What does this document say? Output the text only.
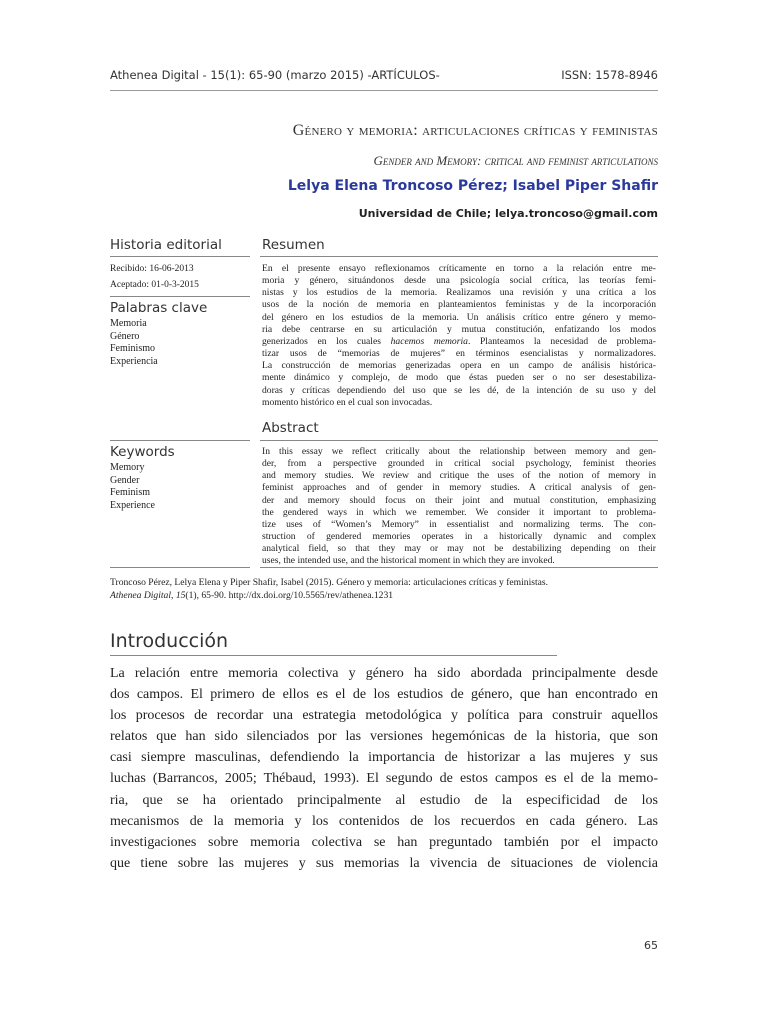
Athenea Digital - 15(1): 65-90 (marzo 2015) -ARTÍCULOS-	ISSN: 1578-8946
Género y memoria: articulaciones críticas y feministas
Gender and Memory: critical and feminist articulations
Lelya Elena Troncoso Pérez; Isabel Piper Shafir
Universidad de Chile; lelya.troncoso@gmail.com
Historia editorial
Recibido: 16-06-2013
Aceptado: 01-0-3-2015
Palabras clave
Memoria
Género
Feminismo
Experiencia
Keywords
Memory
Gender
Feminism
Experience
Resumen
En el presente ensayo reflexionamos críticamente en torno a la relación entre me-
moria y género, situándonos desde una psicología social crítica, las teorías femi-
nistas y los estudios de la memoria. Realizamos una revisión y una crítica a los
usos de la noción de memoria en planteamientos feministas y de la incorporación
del género en los estudios de la memoria. Un análisis crítico entre género y memo-
ria debe centrarse en su articulación y mutua constitución, enfatizando los modos
generizados en los cuales hacemos memoria. Planteamos la necesidad de problema-
tizar usos de “memorias de mujeres” en términos esencialistas y normalizadores.
La construcción de memorias generizadas opera en un campo de análisis histórica-
mente dinámico y complejo, de modo que éstas pueden ser o no ser desestabiliza-
doras y críticas dependiendo del uso que se les dé, de la intención de su uso y del
momento histórico en el cual son invocadas.
Abstract
In this essay we reflect critically about the relationship between memory and gen-
der, from a perspective grounded in critical social psychology, feminist theories
and memory studies. We review and critique the uses of the notion of memory in
feminist approaches and of gender in memory studies. A critical analysis of gen-
der and memory should focus on their joint and mutual constitution, emphasizing
the gendered ways in which we remember. We consider it important to problema-
tize uses of “Women’s Memory” in essentialist and normalizing terms. The con-
struction of gendered memories operates in a historically dynamic and complex
analytical field, so that they may or may not be destabilizing depending on their
uses, the intended use, and the historical moment in which they are invoked.
Troncoso Pérez, Lelya Elena y Piper Shafir, Isabel (2015). Género y memoria: articulaciones críticas y feministas.
Athenea Digital, 15(1), 65-90. http://dx.doi.org/10.5565/rev/athenea.1231
Introducción
La relación entre memoria colectiva y género ha sido abordada principalmente desde
dos campos. El primero de ellos es el de los estudios de género, que han encontrado en
los procesos de recordar una estrategia metodológica y política para construir aquellos
relatos que han sido silenciados por las versiones hegemónicas de la historia, que son
casi siempre masculinas, defendiendo la importancia de historizar a las mujeres y sus
luchas (Barrancos, 2005; Thébaud, 1993). El segundo de estos campos es el de la memo-
ria, que se ha orientado principalmente al estudio de la especificidad de los
mecanismos de la memoria y los contenidos de los recuerdos en cada género. Las
investigaciones sobre memoria colectiva se han preguntado también por el impacto
que tiene sobre las mujeres y sus memorias la vivencia de situaciones de violencia
65
